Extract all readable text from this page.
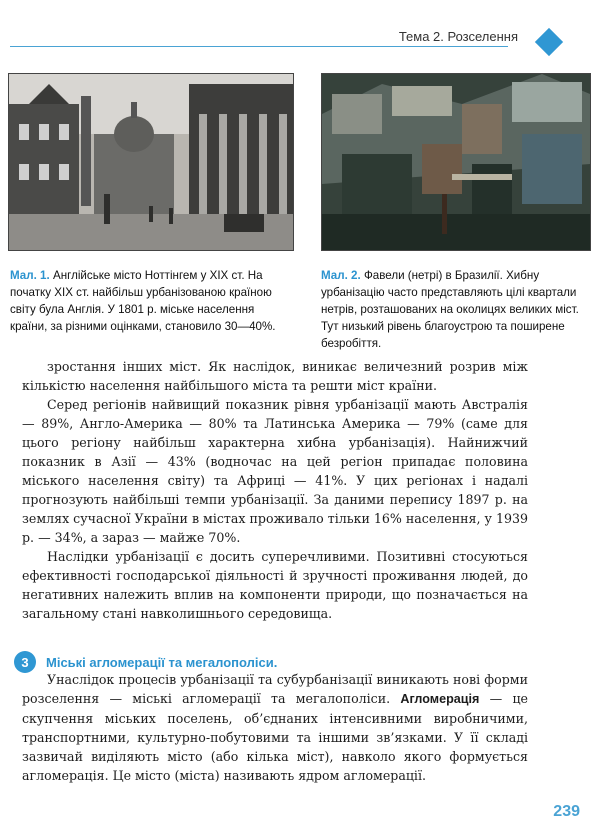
Тема 2. Розселення
Мал. 1. Англійське місто Ноттінгем у XIX ст. На початку XIX ст. найбільш урбанізованою країною світу була Англія. У 1801 р. міське населення країни, за різними оцінками, становило 30—40%.
Мал. 2. Фавели (нетрі) в Бразилії. Хибну урбанізацію часто представляють цілі квартали нетрів, розташованих на околицях великих міст. Тут низький рівень благоустрою та поширене безробіття.

зростання інших міст. Як наслідок, виникає величезний розрив між кількістю населення найбільшого міста та решти міст країни.

Серед регіонів найвищий показник рівня урбанізації мають Австралія — 89%, Англо-Америка — 80% та Латинська Америка — 79% (саме для цього регіону найбільш характерна хибна урбанізація). Найнижчий показник в Азії — 43% (водночас на цей регіон припадає половина міського населення світу) та Африці — 41%. У цих регіонах і надалі прогнозують найбільші темпи урбанізації. За даними перепису 1897 р. на землях сучасної України в містах проживало тільки 16% населення, у 1939 р. — 34%, а зараз — майже 70%.

Наслідки урбанізації є досить суперечливими. Позитивні стосуються ефективності господарської діяльності й зручності проживання людей, до негативних належить вплив на компоненти природи, що позначається на загальному стані навколишнього середовища.

3	Міські агломерації та мегалополіси.

Унаслідок процесів урбанізації та субурбанізації виникають нові форми розселення — міські агломерації та мегалополіси. Агломерація — це скупчення міських поселень, об’єднаних інтенсивними виробничими, транспортними, культурно-побутовими та іншими зв’язками. У її складі зазвичай виділяють місто (або кілька міст), навколо якого формується агломерація. Це місто (міста) називають ядром агломерації.

239
